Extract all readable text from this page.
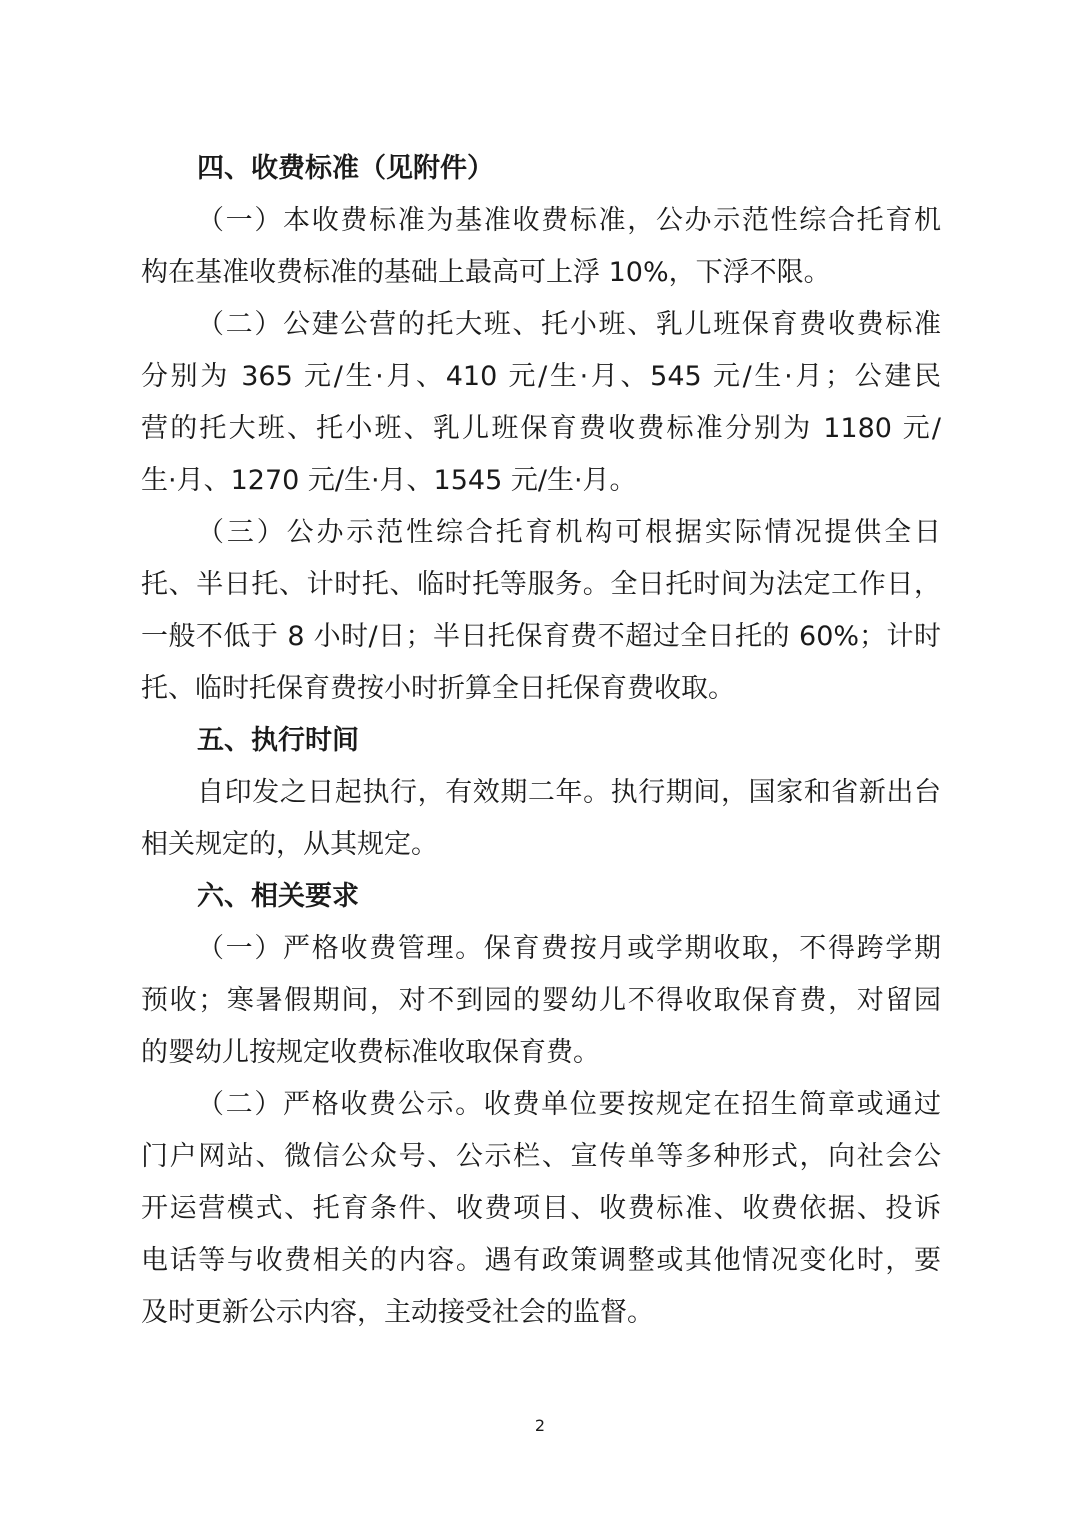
四、收费标准（见附件）
（一）本收费标准为基准收费标准，公办示范性综合托育机
构在基准收费标准的基础上最高可上浮 10%，下浮不限。
（二）公建公营的托大班、托小班、乳儿班保育费收费标准
分别为 365 元/生·月、410 元/生·月、545 元/生·月；公建民
营的托大班、托小班、乳儿班保育费收费标准分别为 1180 元/
生·月、1270 元/生·月、1545 元/生·月。
（三）公办示范性综合托育机构可根据实际情况提供全日
托、半日托、计时托、临时托等服务。全日托时间为法定工作日，
一般不低于 8 小时/日；半日托保育费不超过全日托的 60%；计时
托、临时托保育费按小时折算全日托保育费收取。
五、执行时间
自印发之日起执行，有效期二年。执行期间，国家和省新出台
相关规定的，从其规定。
六、相关要求
（一）严格收费管理。保育费按月或学期收取，不得跨学期
预收；寒暑假期间，对不到园的婴幼儿不得收取保育费，对留园
的婴幼儿按规定收费标准收取保育费。
（二）严格收费公示。收费单位要按规定在招生简章或通过
门户网站、微信公众号、公示栏、宣传单等多种形式，向社会公
开运营模式、托育条件、收费项目、收费标准、收费依据、投诉
电话等与收费相关的内容。遇有政策调整或其他情况变化时，要
及时更新公示内容，主动接受社会的监督。
2
